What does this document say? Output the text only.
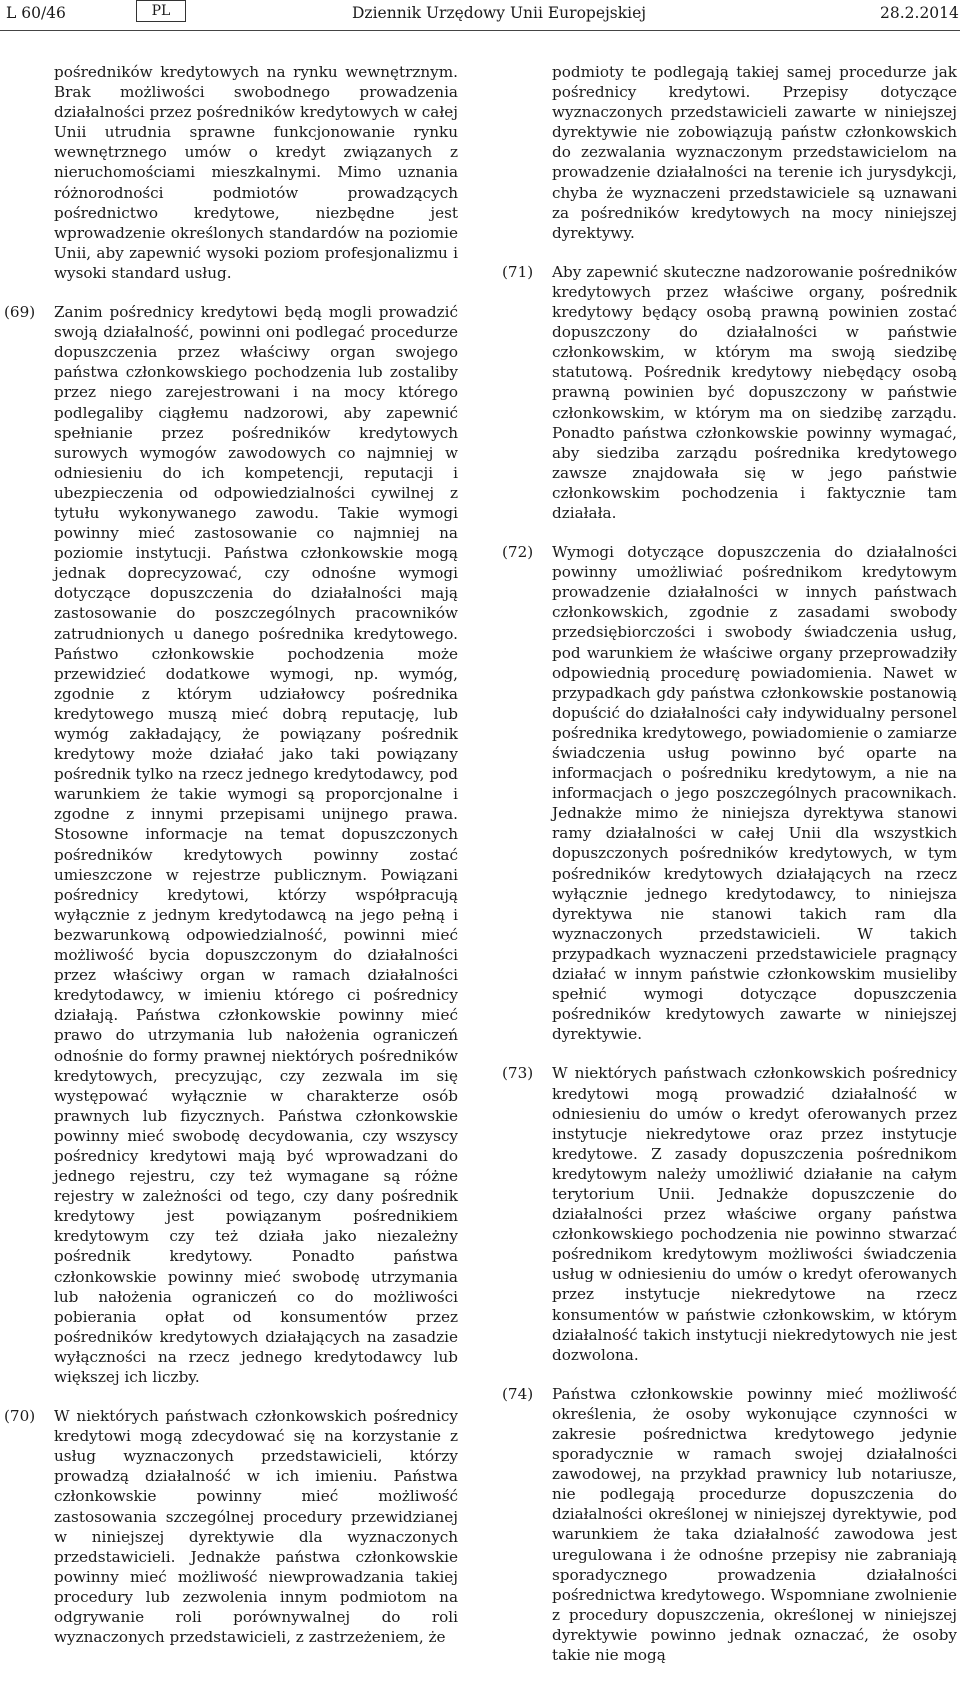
L 60/46	PL	Dziennik Urzędowy Unii Europejskiej	28.2.2014
pośredników kredytowych na rynku wewnętrznym. Brak możliwości swobodnego prowadzenia działalności przez pośredników kredytowych w całej Unii utrudnia sprawne funkcjonowanie rynku wewnętrznego umów o kredyt związanych z nieruchomościami mieszkalnymi. Mimo uznania różnorodności podmiotów prowadzących pośrednictwo kredytowe, niezbędne jest wprowadzenie określonych standardów na poziomie Unii, aby zapewnić wysoki poziom profesjonalizmu i wysoki standard usług.
(69)	Zanim pośrednicy kredytowi będą mogli prowadzić swoją działalność, powinni oni podlegać procedurze dopuszczenia przez właściwy organ swojego państwa członkowskiego pochodzenia lub zostaliby przez niego zarejestrowani i na mocy którego podlegaliby ciągłemu nadzorowi, aby zapewnić spełnianie przez pośredników kredytowych surowych wymogów zawodowych co najmniej w odniesieniu do ich kompetencji, reputacji i ubezpieczenia od odpowiedzialności cywilnej z tytułu wykonywanego zawodu. Takie wymogi powinny mieć zastosowanie co najmniej na poziomie instytucji. Państwa członkowskie mogą jednak doprecyzować, czy odnośne wymogi dotyczące dopuszczenia do działalności mają zastosowanie do poszczególnych pracowników zatrudnionych u danego pośrednika kredytowego. Państwo członkowskie pochodzenia może przewidzieć dodatkowe wymogi, np. wymóg, zgodnie z którym udziałowcy pośrednika kredytowego muszą mieć dobrą reputację, lub wymóg zakładający, że powiązany pośrednik kredytowy może działać jako taki powiązany pośrednik tylko na rzecz jednego kredytodawcy, pod warunkiem że takie wymogi są proporcjonalne i zgodne z innymi przepisami unijnego prawa. Stosowne informacje na temat dopuszczonych pośredników kredytowych powinny zostać umieszczone w rejestrze publicznym. Powiązani pośrednicy kredytowi, którzy współpracują wyłącznie z jednym kredytodawcą na jego pełną i bezwarunkową odpowiedzialność, powinni mieć możliwość bycia dopuszczonym do działalności przez właściwy organ w ramach działalności kredytodawcy, w imieniu którego ci pośrednicy działają. Państwa członkowskie powinny mieć prawo do utrzymania lub nałożenia ograniczeń odnośnie do formy prawnej niektórych pośredników kredytowych, precyzując, czy zezwala im się występować wyłącznie w charakterze osób prawnych lub fizycznych. Państwa członkowskie powinny mieć swobodę decydowania, czy wszyscy pośrednicy kredytowi mają być wprowadzani do jednego rejestru, czy też wymagane są różne rejestry w zależności od tego, czy dany pośrednik kredytowy jest powiązanym pośrednikiem kredytowym czy też działa jako niezależny pośrednik kredytowy. Ponadto państwa członkowskie powinny mieć swobodę utrzymania lub nałożenia ograniczeń co do możliwości pobierania opłat od konsumentów przez pośredników kredytowych działających na zasadzie wyłączności na rzecz jednego kredytodawcy lub większej ich liczby.
(70)	W niektórych państwach członkowskich pośrednicy kredytowi mogą zdecydować się na korzystanie z usług wyznaczonych przedstawicieli, którzy prowadzą działalność w ich imieniu. Państwa członkowskie powinny mieć możliwość zastosowania szczególnej procedury przewidzianej w niniejszej dyrektywie dla wyznaczonych przedstawicieli. Jednakże państwa członkowskie powinny mieć możliwość niewprowadzania takiej procedury lub zezwolenia innym podmiotom na odgrywanie roli porównywalnej do roli wyznaczonych przedstawicieli, z zastrzeżeniem, że
podmioty te podlegają takiej samej procedurze jak pośrednicy kredytowi. Przepisy dotyczące wyznaczonych przedstawicieli zawarte w niniejszej dyrektywie nie zobowiązują państw członkowskich do zezwalania wyznaczonym przedstawicielom na prowadzenie działalności na terenie ich jurysdykcji, chyba że wyznaczeni przedstawiciele są uznawani za pośredników kredytowych na mocy niniejszej dyrektywy.
(71)	Aby zapewnić skuteczne nadzorowanie pośredników kredytowych przez właściwe organy, pośrednik kredytowy będący osobą prawną powinien zostać dopuszczony do działalności w państwie członkowskim, w którym ma swoją siedzibę statutową. Pośrednik kredytowy niebędący osobą prawną powinien być dopuszczony w państwie członkowskim, w którym ma on siedzibę zarządu. Ponadto państwa członkowskie powinny wymagać, aby siedziba zarządu pośrednika kredytowego zawsze znajdowała się w jego państwie członkowskim pochodzenia i faktycznie tam działała.
(72)	Wymogi dotyczące dopuszczenia do działalności powinny umożliwiać pośrednikom kredytowym prowadzenie działalności w innych państwach członkowskich, zgodnie z zasadami swobody przedsiębiorczości i swobody świadczenia usług, pod warunkiem że właściwe organy przeprowadziły odpowiednią procedurę powiadomienia. Nawet w przypadkach gdy państwa członkowskie postanowią dopuścić do działalności cały indywidualny personel pośrednika kredytowego, powiadomienie o zamiarze świadczenia usług powinno być oparte na informacjach o pośredniku kredytowym, a nie na informacjach o jego poszczególnych pracownikach. Jednakże mimo że niniejsza dyrektywa stanowi ramy działalności w całej Unii dla wszystkich dopuszczonych pośredników kredytowych, w tym pośredników kredytowych działających na rzecz wyłącznie jednego kredytodawcy, to niniejsza dyrektywa nie stanowi takich ram dla wyznaczonych przedstawicieli. W takich przypadkach wyznaczeni przedstawiciele pragnący działać w innym państwie członkowskim musieliby spełnić wymogi dotyczące dopuszczenia pośredników kredytowych zawarte w niniejszej dyrektywie.
(73)	W niektórych państwach członkowskich pośrednicy kredytowi mogą prowadzić działalność w odniesieniu do umów o kredyt oferowanych przez instytucje niekredytowe oraz przez instytucje kredytowe. Z zasady dopuszczenia pośrednikom kredytowym należy umożliwić działanie na całym terytorium Unii. Jednakże dopuszczenie do działalności przez właściwe organy państwa członkowskiego pochodzenia nie powinno stwarzać pośrednikom kredytowym możliwości świadczenia usług w odniesieniu do umów o kredyt oferowanych przez instytucje niekredytowe na rzecz konsumentów w państwie członkowskim, w którym działalność takich instytucji niekredytowych nie jest dozwolona.
(74)	Państwa członkowskie powinny mieć możliwość określenia, że osoby wykonujące czynności w zakresie pośrednictwa kredytowego jedynie sporadycznie w ramach swojej działalności zawodowej, na przykład prawnicy lub notariusze, nie podlegają procedurze dopuszczenia do działalności określonej w niniejszej dyrektywie, pod warunkiem że taka działalność zawodowa jest uregulowana i że odnośne przepisy nie zabraniają sporadycznego prowadzenia działalności pośrednictwa kredytowego. Wspomniane zwolnienie z procedury dopuszczenia, określonej w niniejszej dyrektywie powinno jednak oznaczać, że osoby takie nie mogą
